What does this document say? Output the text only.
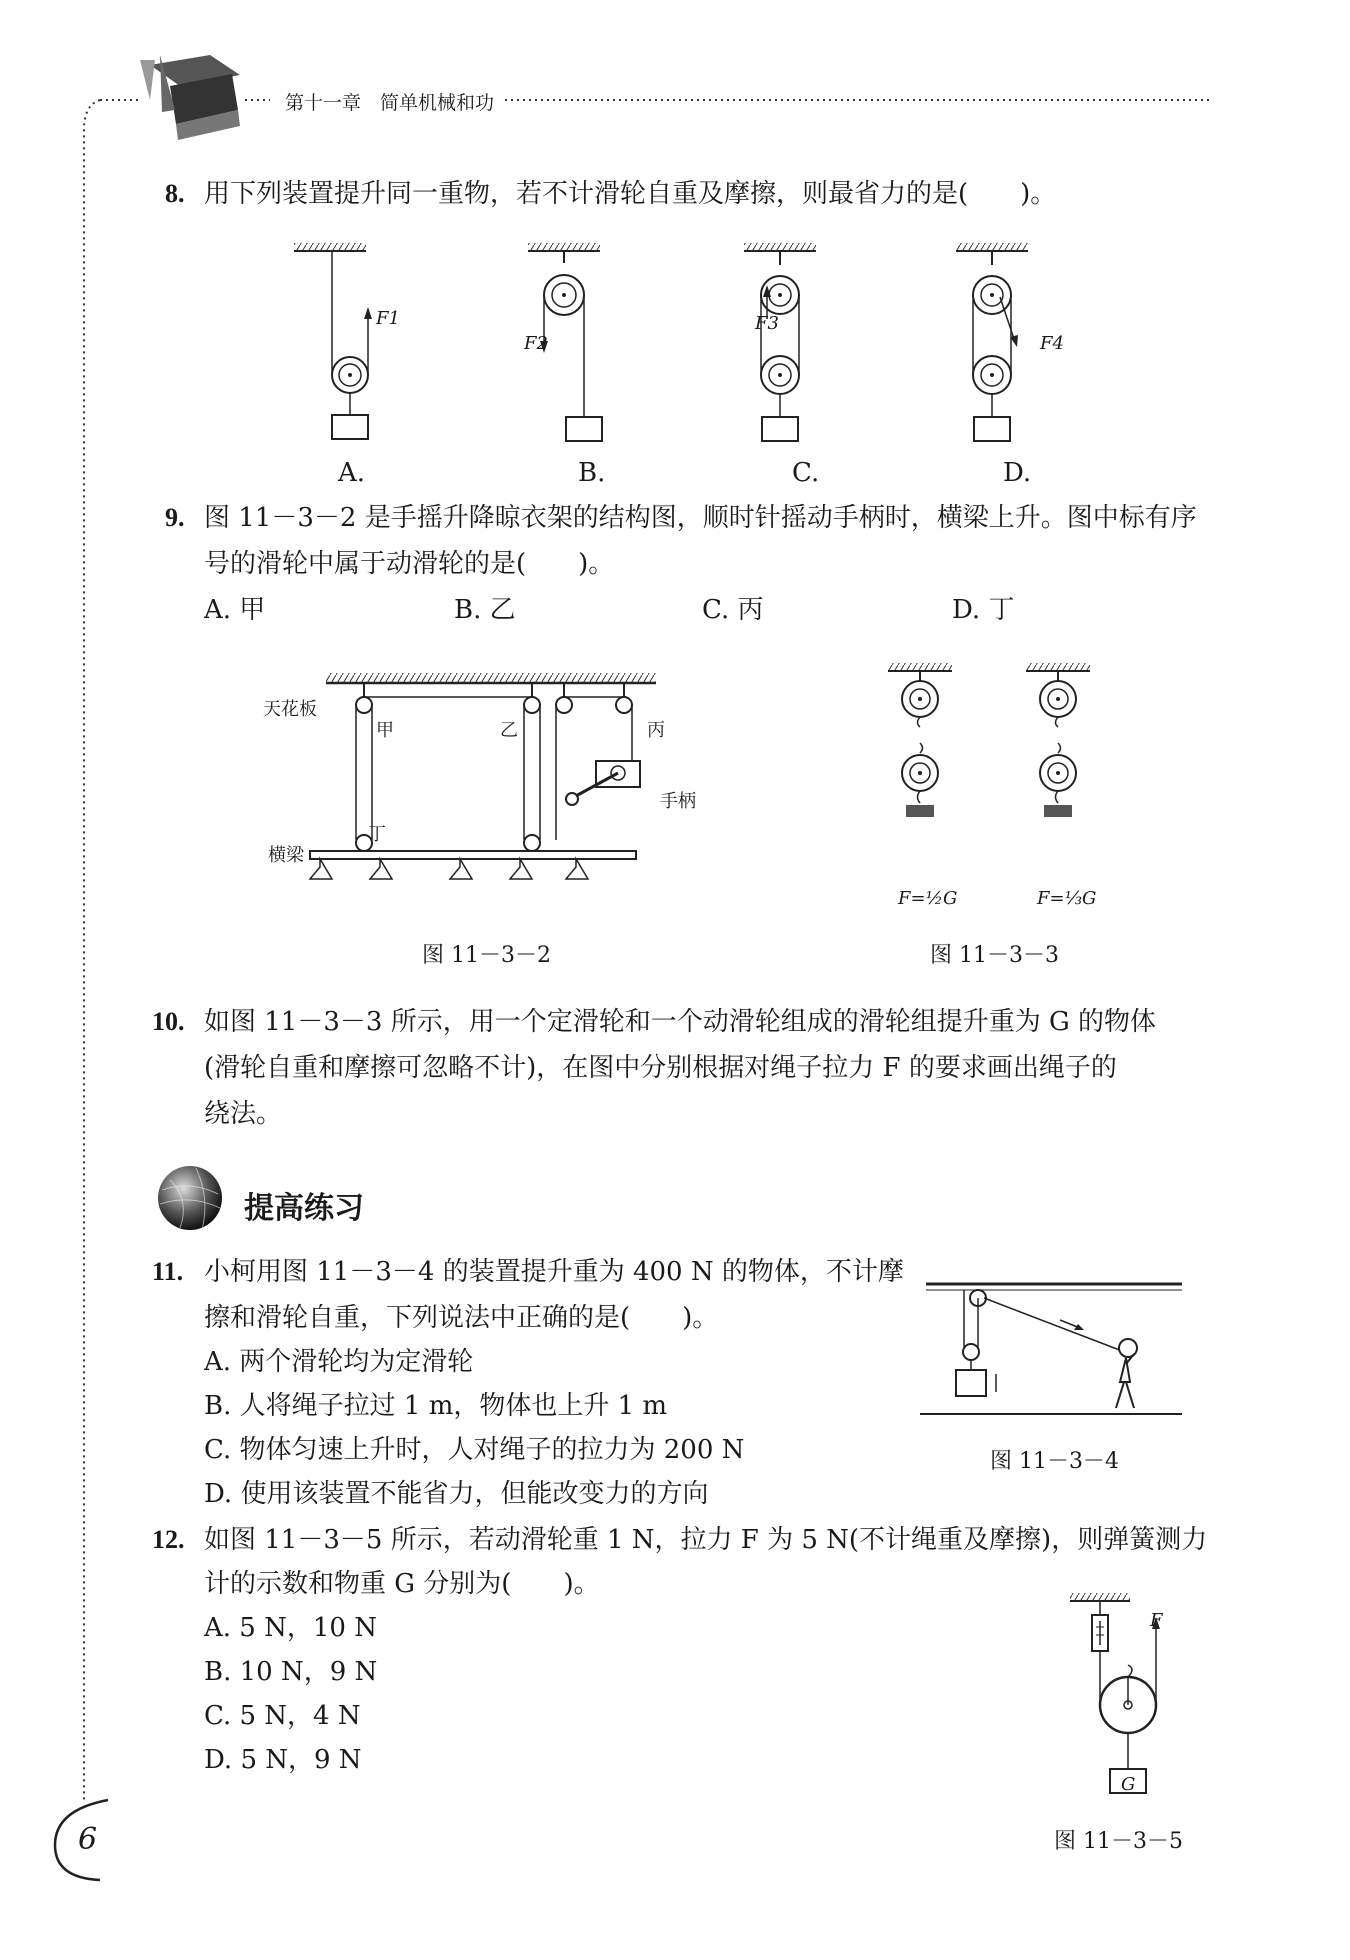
第十一章　简单机械和功
8. 用下列装置提升同一重物，若不计滑轮自重及摩擦，则最省力的是(　　)。
F1
F2
F3
F4
A.	B.	C.	D.
9. 图 11－3－2 是手摇升降晾衣架的结构图，顺时针摇动手柄时，横梁上升。图中标有序
号的滑轮中属于动滑轮的是(　　)。
A. 甲	B. 乙	C. 丙	D. 丁
天花板
横梁
手柄
甲	乙	丙
丁
图 11－3－2
F=½G	F=⅓G
图 11－3－3
10. 如图 11－3－3 所示，用一个定滑轮和一个动滑轮组成的滑轮组提升重为 G 的物体
(滑轮自重和摩擦可忽略不计)，在图中分别根据对绳子拉力 F 的要求画出绳子的
绕法。
提高练习
11. 小柯用图 11－3－4 的装置提升重为 400 N 的物体，不计摩
擦和滑轮自重，下列说法中正确的是(　　)。
A. 两个滑轮均为定滑轮
B. 人将绳子拉过 1 m，物体也上升 1 m
C. 物体匀速上升时，人对绳子的拉力为 200 N
D. 使用该装置不能省力，但能改变力的方向
图 11－3－4
12. 如图 11－3－5 所示，若动滑轮重 1 N，拉力 F 为 5 N(不计绳重及摩擦)，则弹簧测力
计的示数和物重 G 分别为(　　)。
A. 5 N，10 N
B. 10 N，9 N
C. 5 N，4 N
D. 5 N，9 N
F
G
图 11－3－5
6
